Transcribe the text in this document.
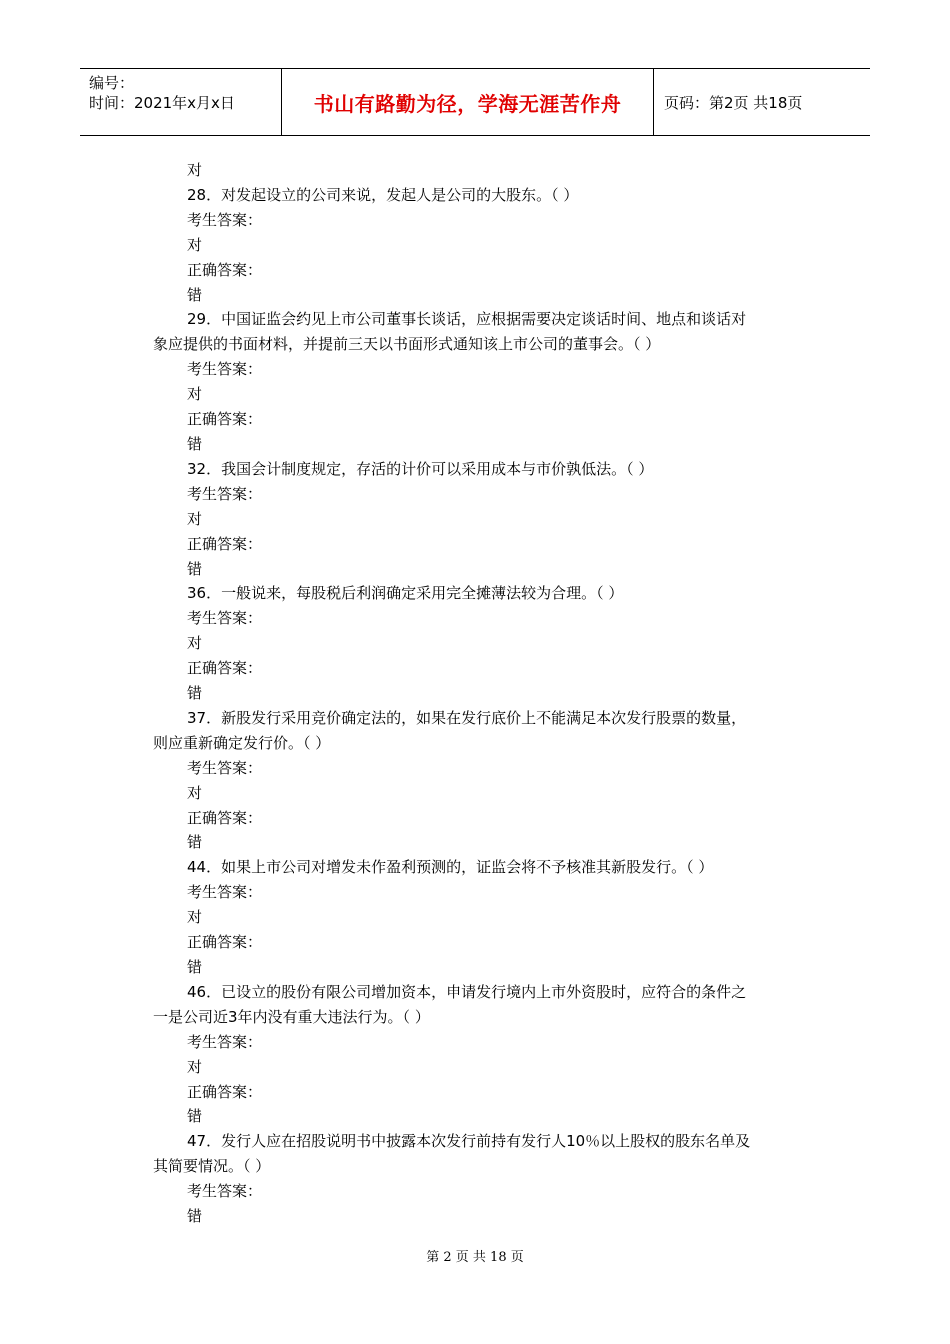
编号：
时间：2021年x月x日	书山有路勤为径，学海无涯苦作舟	页码：第2页 共18页
对
28．对发起设立的公司来说，发起人是公司的大股东。（ ）
考生答案：
对
正确答案：
错
29．中国证监会约见上市公司董事长谈话，应根据需要决定谈话时间、地点和谈话对
象应提供的书面材料，并提前三天以书面形式通知该上市公司的董事会。（ ）
考生答案：
对
正确答案：
错
32．我国会计制度规定，存活的计价可以采用成本与市价孰低法。（ ）
考生答案：
对
正确答案：
错
36．一般说来，每股税后利润确定采用完全摊薄法较为合理。（ ）
考生答案：
对
正确答案：
错
37．新股发行采用竞价确定法的，如果在发行底价上不能满足本次发行股票的数量，
则应重新确定发行价。（ ）
考生答案：
对
正确答案：
错
44．如果上市公司对增发未作盈利预测的，证监会将不予核准其新股发行。（ ）
考生答案：
对
正确答案：
错
46．已设立的股份有限公司增加资本，申请发行境内上市外资股时，应符合的条件之
一是公司近3年内没有重大违法行为。（ ）
考生答案：
对
正确答案：
错
47．发行人应在招股说明书中披露本次发行前持有发行人10％以上股权的股东名单及
其简要情况。（ ）
考生答案：
错
第 2 页 共 18 页
